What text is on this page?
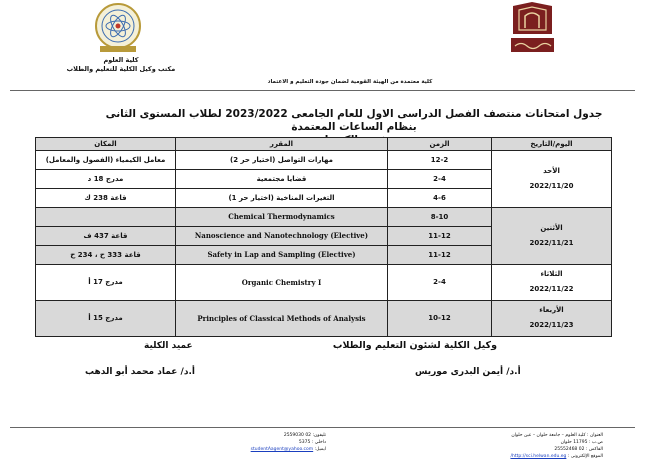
كلية العلوم
مكتب وكيل الكلية للتعليم والطلاب
كلية معتمدة من الهيئة القومية لضمان جودة التعليم و الاعتماد
جدول امتحانات منتصف الفصل الدراسى الاول للعام الجامعى 2023/2022 لطلاب المستوى الثانى بنظام الساعات المعتمدة
المكان	المقرر	الزمن	اليوم/التاريخ
معامل الكيمياء (الفصول والمعامل)	مهارات التواصل (اختيار حر 2)	12-2	الأحد
2022/11/20

مدرج 18 د	قضايا مجتمعية	2-4	
قاعة 238 ك	التغيرات المناخية (اختيار حر 1)	4-6	
	Chemical Thermodynamics	8-10	الأثنين
2022/11/21

قاعة 437 ف	Nanoscience and Nanotechnology (Elective)	11-12	
قاعة 333 ح ، 234 ح	Safety in Lap and Sampling (Elective)	11-12	
مدرج 17 أ	Organic Chemistry I	2-4	الثلاثاء
2022/11/22

مدرج 15 أ	Principles of Classical Methods of Analysis	10-12	الأربعاء
2022/11/23
وكيل الكلية لشئون التعليم والطلاب
أ.د/ أيمن البدرى موريس
عميد الكلية
أ.د/ عماد محمد أبو الدهب
العنوان : كلية العلوم – جامعة حلوان – عين حلوان
ص.ب : 11795 حلوان
الفاكس : 02 25552468
الموقع الإلكترونى : http://sci.helwan.edu.eg/
تليفون: 02 2559030
داخلي : 5375
ايميل: studentAagent@yahoo.com
